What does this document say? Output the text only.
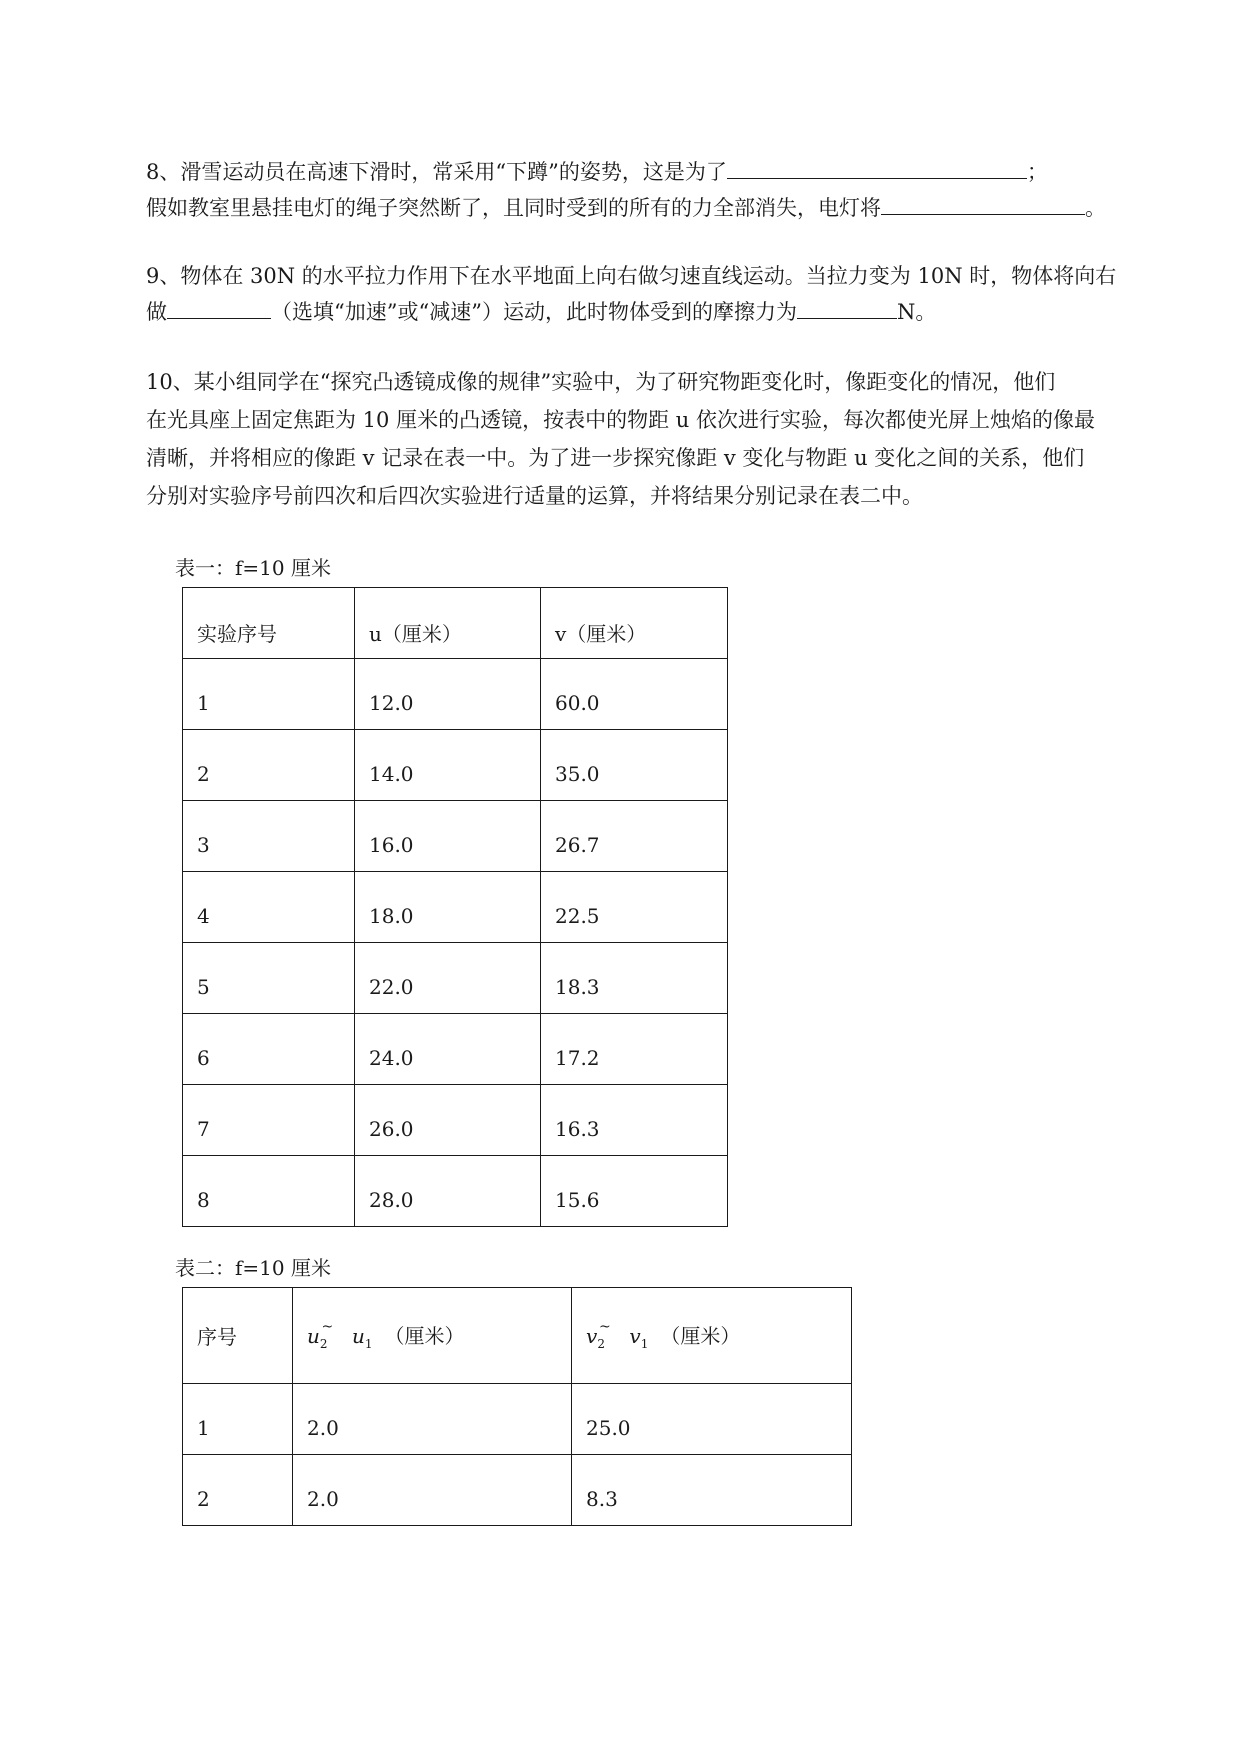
8、滑雪运动员在高速下滑时，常采用“下蹲”的姿势，这是为了	；
假如教室里悬挂电灯的绳子突然断了，且同时受到的所有的力全部消失，电灯将	。

9、物体在 30N 的水平拉力作用下在水平地面上向右做匀速直线运动。当拉力变为 10N 时，物体将向右
做	（选填“加速”或“减速”）运动，此时物体受到的摩擦力为	N。

10、某小组同学在“探究凸透镜成像的规律”实验中，为了研究物距变化时，像距变化的情况，他们
在光具座上固定焦距为 10 厘米的凸透镜，按表中的物距 u 依次进行实验，每次都使光屏上烛焰的像最
清晰，并将相应的像距 v 记录在表一中。为了进一步探究像距 v 变化与物距 u 变化之间的关系，他们
分别对实验序号前四次和后四次实验进行适量的运算，并将结果分别记录在表二中。

表一：f=10 厘米

实验序号	u（厘米）	v（厘米）
1	12.0	60.0
2	14.0	35.0
3	16.0	26.7
4	18.0	22.5
5	22.0	18.3
6	24.0	17.2
7	26.0	16.3
8	28.0	15.6

表二：f=10 厘米

序号	$u_2^\sim$ $u_1$ （厘米）	$v_2^\sim$ $v_1$ （厘米）
1	2.0	25.0
2	2.0	8.3
